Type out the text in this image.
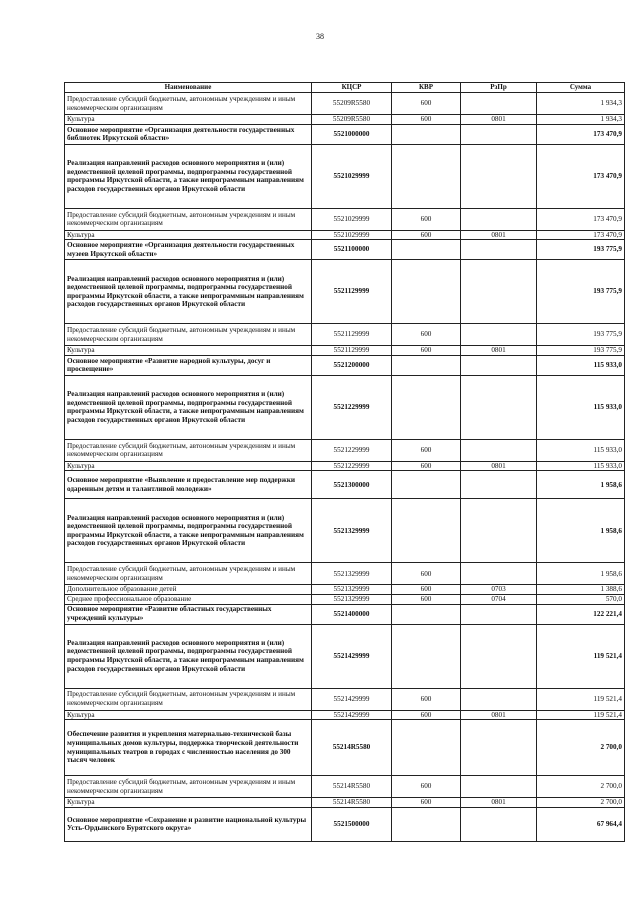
38
Наименование	КЦСР	КВР	РзПр	Сумма
Предоставление субсидий бюджетным, автономным учреждениям и иным некоммерческим организациям	55209R5580	600		1 934,3
Культура	55209R5580	600	0801	1 934,3
Основное мероприятие «Организация деятельности государственных библиотек Иркутской области»	5521000000			173 470,9
Реализация направлений расходов основного мероприятия и (или) ведомственной целевой программы, подпрограммы государственной программы Иркутской области, а также непрограммным направлениям расходов государственных органов Иркутской области	5521029999			173 470,9
Предоставление субсидий бюджетным, автономным учреждениям и иным некоммерческим организациям	5521029999	600		173 470,9
Культура	5521029999	600	0801	173 470,9
Основное мероприятие «Организация деятельности государственных музеев Иркутской области»	5521100000			193 775,9
Реализация направлений расходов основного мероприятия и (или) ведомственной целевой программы, подпрограммы государственной программы Иркутской области, а также непрограммным направлениям расходов государственных органов Иркутской области	5521129999			193 775,9
Предоставление субсидий бюджетным, автономным учреждениям и иным некоммерческим организациям	5521129999	600		193 775,9
Культура	5521129999	600	0801	193 775,9
Основное мероприятие «Развитие народной культуры, досуг и просвещение»	5521200000			115 933,0
Реализация направлений расходов основного мероприятия и (или) ведомственной целевой программы, подпрограммы государственной программы Иркутской области, а также непрограммным направлениям расходов государственных органов Иркутской области	5521229999			115 933,0
Предоставление субсидий бюджетным, автономным учреждениям и иным некоммерческим организациям	5521229999	600		115 933,0
Культура	5521229999	600	0801	115 933,0
Основное мероприятие «Выявление и предоставление мер поддержки одаренным детям и талантливой молодежи»	5521300000			1 958,6
Реализация направлений расходов основного мероприятия и (или) ведомственной целевой программы, подпрограммы государственной программы Иркутской области, а также непрограммным направлениям расходов государственных органов Иркутской области	5521329999			1 958,6
Предоставление субсидий бюджетным, автономным учреждениям и иным некоммерческим организациям	5521329999	600		1 958,6
Дополнительное образование детей	5521329999	600	0703	1 388,6
Среднее профессиональное образование	5521329999	600	0704	570,0
Основное мероприятие «Развитие областных государственных учреждений культуры»	5521400000			122 221,4
Реализация направлений расходов основного мероприятия и (или) ведомственной целевой программы, подпрограммы государственной программы Иркутской области, а также непрограммным направлениям расходов государственных органов Иркутской области	5521429999			119 521,4
Предоставление субсидий бюджетным, автономным учреждениям и иным некоммерческим организациям	5521429999	600		119 521,4
Культура	5521429999	600	0801	119 521,4
Обеспечение развития и укрепления материально-технической базы муниципальных домов культуры, поддержка творческой деятельности муниципальных театров в городах с численностью населения до 300 тысяч человек	55214R5580			2 700,0
Предоставление субсидий бюджетным, автономным учреждениям и иным некоммерческим организациям	55214R5580	600		2 700,0
Культура	55214R5580	600	0801	2 700,0
Основное мероприятие «Сохранение и развитие национальной культуры Усть-Ордынского Бурятского округа»	5521500000			67 964,4
